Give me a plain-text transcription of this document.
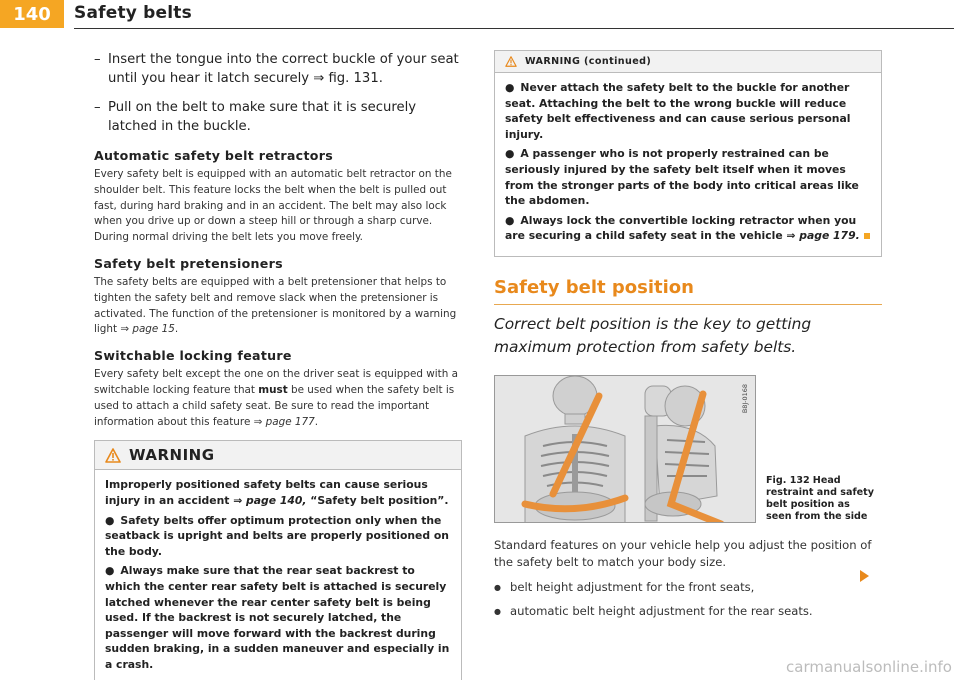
140	Safety belts
– Insert the tongue into the correct buckle of your seat until you hear it latch securely ⇒ fig. 131.
– Pull on the belt to make sure that it is securely latched in the buckle.
Automatic safety belt retractors

Every safety belt is equipped with an automatic belt retractor on the shoulder belt. This feature locks the belt when the belt is pulled out fast, during hard braking and in an accident. The belt may also lock when you drive up or down a steep hill or through a sharp curve. During normal driving the belt lets you move freely.

Safety belt pretensioners

The safety belts are equipped with a belt pretensioner that helps to tighten the safety belt and remove slack when the pretensioner is activated. The function of the pretensioner is monitored by a warning light ⇒ page 15.

Switchable locking feature

Every safety belt except the one on the driver seat is equipped with a switchable locking feature that must be used when the safety belt is used to attach a child safety seat. Be sure to read the important information about this feature ⇒ page 177.

WARNING

Improperly positioned safety belts can cause serious injury in an accident ⇒ page 140, “Safety belt position”.

● Safety belts offer optimum protection only when the seatback is upright and belts are properly positioned on the body.

● Always make sure that the rear seat backrest to which the center rear safety belt is attached is securely latched whenever the rear center safety belt is being used. If the backrest is not securely latched, the passenger will move forward with the backrest during sudden braking, in a sudden maneuver and especially in a crash.

WARNING (continued)

● Never attach the safety belt to the buckle for another seat. Attaching the belt to the wrong buckle will reduce safety belt effectiveness and can cause serious personal injury.

● A passenger who is not properly restrained can be seriously injured by the safety belt itself when it moves from the stronger parts of the body into critical areas like the abdomen.

● Always lock the convertible locking retractor when you are securing a child safety seat in the vehicle ⇒ page 179.

Safety belt position

Correct belt position is the key to getting maximum protection from safety belts.

B8J-0168
Fig. 132 Head restraint and safety belt position as seen from the side

Standard features on your vehicle help you adjust the position of the safety belt to match your body size.

● belt height adjustment for the front seats,
● automatic belt height adjustment for the rear seats.
carmanualsonline.info
